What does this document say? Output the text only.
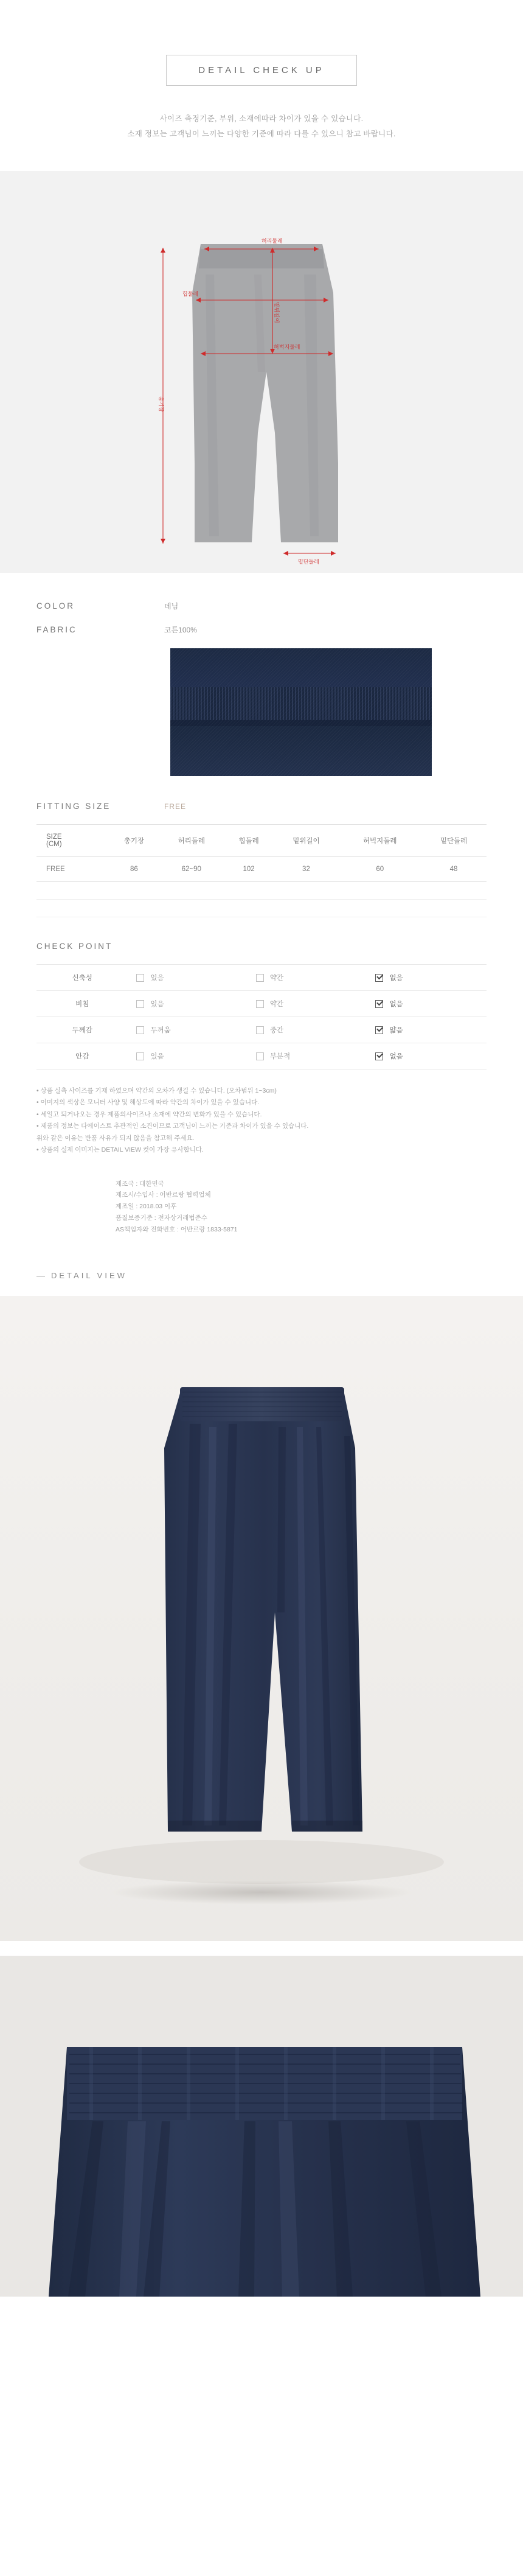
DETAIL CHECK UP
사이즈 측정기준, 부위, 소재에따라 차이가 있을 수 있습니다.
소재 정보는 고객님이 느끼는 다양한 기준에 따라 다를 수 있으니 참고 바랍니다.
허리둘레
힙둘레
밑위길이
허벅지둘레
총기장
밑단둘레
COLOR	데님
FABRIC	코튼100%
FITTING SIZE	FREE
SIZE
(CM)	총기장	허리둘레	힙둘레	밑위길이	허벅지둘레	밑단둘레
FREE	86	62~90	102	32	60	48
CHECK POINT
신축성	있음	약간	없음

비침	있음	약간	없음

두께감	두꺼움	중간	얇음

안감	있음	부분적	없음

• 상품 실측 사이즈를 기재 하였으며 약간의 오차가 생길 수 있습니다. (오차범위 1~3cm)

• 이미지의 색상은 모니터 사양 및 해상도에 따라 약간의 차이가 있을 수 있습니다.

• 세일고 되거나오는 경우 제품의사이즈나 소재에 약간의 변화가 있을 수 있습니다.

• 제품의 정보는 다에이스트 추관적인 소견이므로 고객님이 느끼는 기준과 차이가 있을 수 있습니다.

위와 같은 이유는 반품 사유가 되지 않음을 참고해 주세요.

• 상품의 실제 이미지는 DETAIL VIEW 컷이 가장 유사합니다.

제조국 : 대한민국

제조시/수입사 : 어반르랑 협력업체

제조일 : 2018.03 이후

품질보증기준 : 전자상거래법준수

AS책임자와 전화번호 : 어반르랑 1833-5871

DETAIL VIEW
